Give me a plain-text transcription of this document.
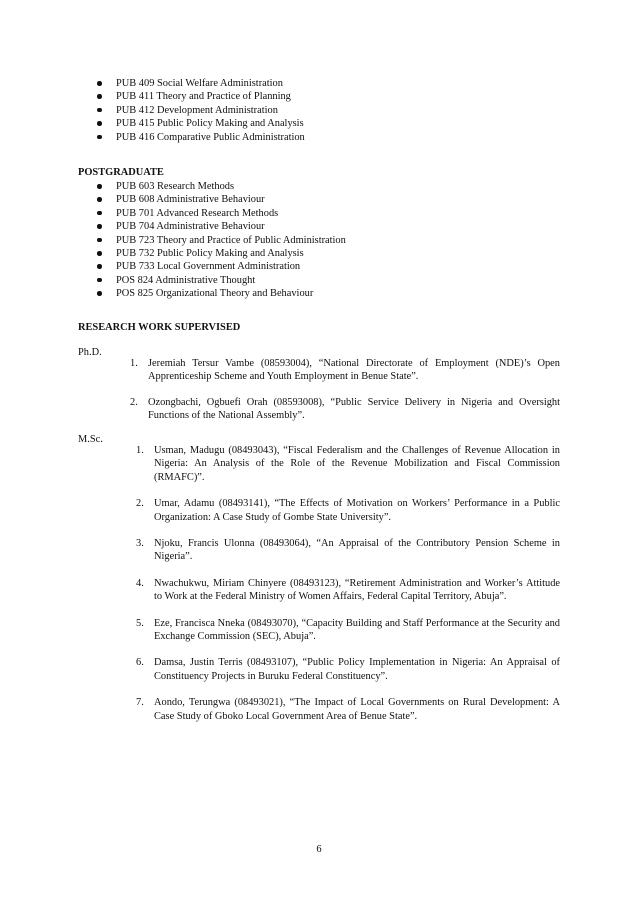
PUB 409 Social Welfare Administration
PUB 411 Theory and Practice of Planning
PUB 412 Development Administration
PUB 415 Public Policy Making and Analysis
PUB 416 Comparative Public Administration
POSTGRADUATE
PUB 603 Research Methods
PUB 608 Administrative Behaviour
PUB 701 Advanced Research Methods
PUB 704 Administrative Behaviour
PUB 723 Theory and Practice of Public Administration
PUB 732 Public Policy Making and Analysis
PUB 733 Local Government Administration
POS 824 Administrative Thought
POS 825 Organizational Theory and Behaviour
RESEARCH WORK SUPERVISED
Ph.D.
1. Jeremiah Tersur Vambe (08593004), “National Directorate of Employment (NDE)’s Open Apprenticeship Scheme and Youth Employment in Benue State”.
2. Ozongbachi, Ogbuefi Orah (08593008), “Public Service Delivery in Nigeria and Oversight Functions of the National Assembly”.
M.Sc.
1. Usman, Madugu (08493043), “Fiscal Federalism and the Challenges of Revenue Allocation in Nigeria: An Analysis of the Role of the Revenue Mobilization and Fiscal Commission (RMAFC)”.
2. Umar, Adamu (08493141), “The Effects of Motivation on Workers’ Performance in a Public Organization: A Case Study of Gombe State University”.
3. Njoku, Francis Ulonna (08493064), “An Appraisal of the Contributory Pension Scheme in Nigeria”.
4. Nwachukwu, Miriam Chinyere (08493123), “Retirement Administration and Worker’s Attitude to Work at the Federal Ministry of Women Affairs, Federal Capital Territory, Abuja”.
5. Eze, Francisca Nneka (08493070), “Capacity Building and Staff Performance at the Security and Exchange Commission (SEC), Abuja”.
6. Damsa, Justin Terris (08493107), “Public Policy Implementation in Nigeria: An Appraisal of Constituency Projects in Buruku Federal Constituency”.
7. Aondo, Terungwa (08493021), “The Impact of Local Governments on Rural Development: A Case Study of Gboko Local Government Area of Benue State”.
6
